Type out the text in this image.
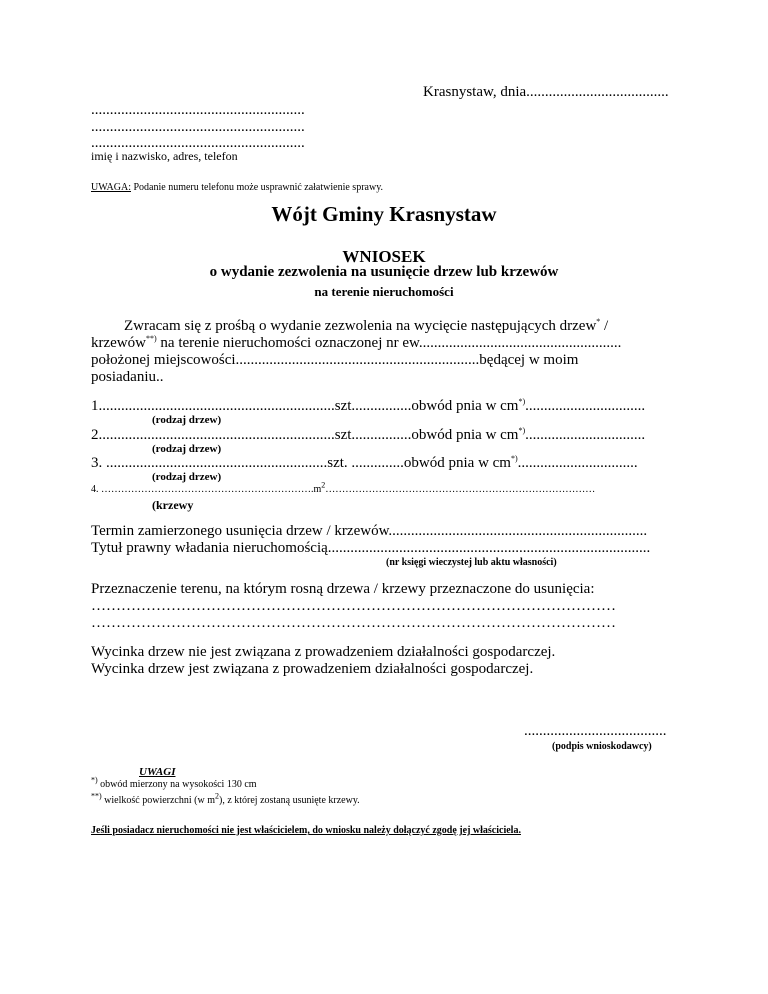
Krasnystaw, dnia......................................
.........................................................
.........................................................
.........................................................
imię i nazwisko, adres, telefon
UWAGA: Podanie numeru telefonu może usprawnić załatwienie sprawy.
Wójt Gminy Krasnystaw
WNIOSEK
o wydanie zezwolenia na usunięcie drzew lub krzewów
na terenie nieruchomości
Zwracam się z prośbą o wydanie zezwolenia na wycięcie następujących drzew* /
krzewów**) na terenie nieruchomości oznaczonej nr ew......................................................
położonej miejscowości.................................................................będącej w moim
posiadaniu..
1...............................................................szt................obwód pnia w cm*)................................
(rodzaj drzew)
2...............................................................szt................obwód pnia w cm*)................................
(rodzaj drzew)
3. ...........................................................szt. ..............obwód pnia w cm*)................................
(rodzaj drzew)
4. $\dots\dots\dots\dots\dots\dots\dots\dots\dots\dots\dots\dots\dots\dots\dots\dots\dots\dots\dots\dots\dots.m^2\dots\dots\dots\dots\dots\dots\dots\dots\dots\dots\dots\dots\dots\dots\dots\dots\dots\dots\dots\dots\dots\dots\dots\dots\dots\dots\dots$
(krzewy
Termin zamierzonego usunięcia drzew / krzewów.....................................................................
Tytuł prawny władania nieruchomością......................................................................................
(nr księgi wieczystej lub aktu własności)
Przeznaczenie terenu, na którym rosną drzewa / krzewy przeznaczone do usunięcia:
……………………………………………………………………………………………
……………………………………………………………………………………………
Wycinka drzew nie jest związana z prowadzeniem działalności gospodarczej.
Wycinka drzew jest związana z prowadzeniem działalności gospodarczej.
......................................
(podpis wnioskodawcy)
UWAGI
*) obwód mierzony na wysokości 130 cm
**) wielkość powierzchni (w $m^2$), z której zostaną usunięte krzewy.
Jeśli posiadacz nieruchomości nie jest właścicielem, do wniosku należy dołączyć zgodę jej właściciela.
